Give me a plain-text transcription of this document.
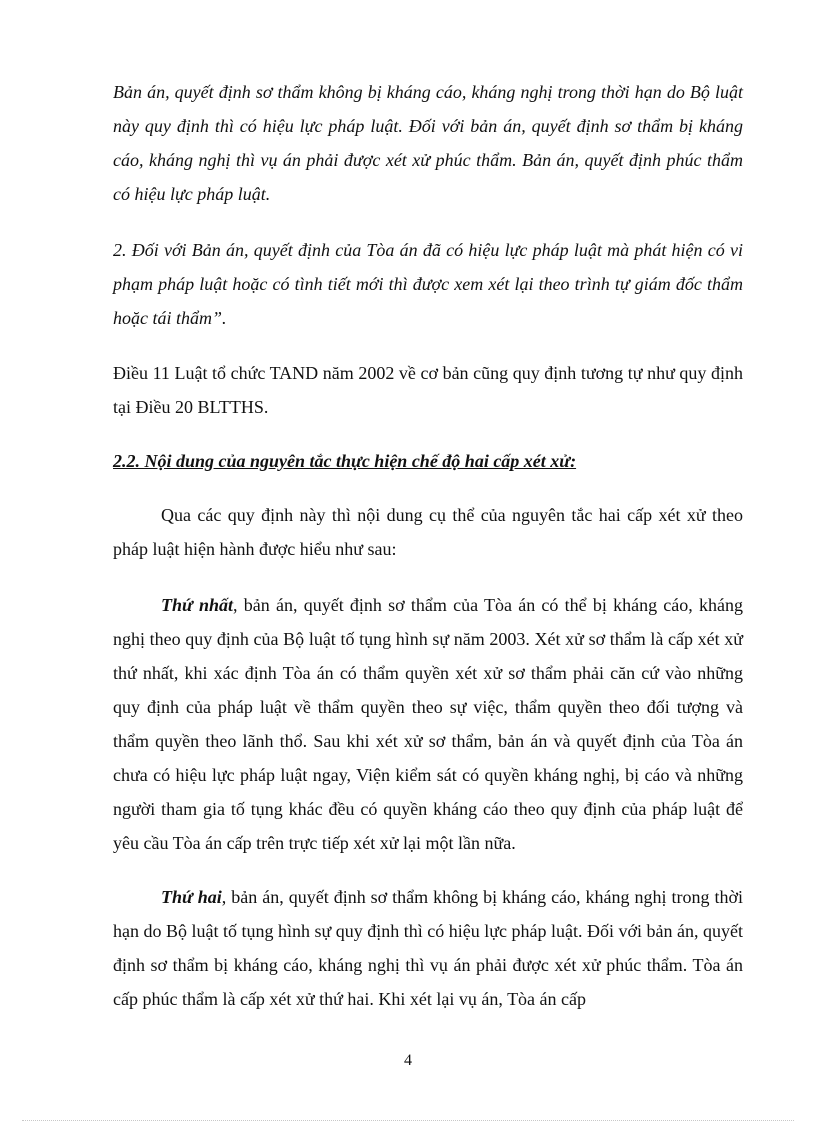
Bản án, quyết định sơ thẩm không bị kháng cáo, kháng nghị trong thời hạn do Bộ luật này quy định thì có hiệu lực pháp luật. Đối với bản án, quyết định sơ thẩm bị kháng cáo, kháng nghị thì vụ án phải được xét xử phúc thẩm. Bản án, quyết định phúc thẩm có hiệu lực pháp luật.

2. Đối với Bản án, quyết định của Tòa án đã có hiệu lực pháp luật mà phát hiện có vi phạm pháp luật hoặc có tình tiết mới thì được xem xét lại theo trình tự giám đốc thẩm hoặc tái thẩm”.

Điều 11 Luật tổ chức TAND năm 2002 về cơ bản cũng quy định tương tự như quy định tại Điều 20 BLTTHS.

2.2. Nội dung của nguyên tắc thực hiện chế độ hai cấp xét xử:

Qua các quy định này thì nội dung cụ thể của nguyên tắc hai cấp xét xử theo pháp luật hiện hành được hiểu như sau:

Thứ nhất, bản án, quyết định sơ thẩm của Tòa án có thể bị kháng cáo, kháng nghị theo quy định của Bộ luật tố tụng hình sự năm 2003. Xét xử sơ thẩm là cấp xét xử thứ nhất, khi xác định Tòa án có thẩm quyền xét xử sơ thẩm phải căn cứ vào những quy định của pháp luật về thẩm quyền theo sự việc, thẩm quyền theo đối tượng và thẩm quyền theo lãnh thổ. Sau khi xét xử sơ thẩm, bản án và quyết định của Tòa án chưa có hiệu lực pháp luật ngay, Viện kiểm sát có quyền kháng nghị, bị cáo và những người tham gia tố tụng khác đều có quyền kháng cáo theo quy định của pháp luật để yêu cầu Tòa án cấp trên trực tiếp xét xử lại một lần nữa.

Thứ hai, bản án, quyết định sơ thẩm không bị kháng cáo, kháng nghị trong thời hạn do Bộ luật tố tụng hình sự quy định thì có hiệu lực pháp luật. Đối với bản án, quyết định sơ thẩm bị kháng cáo, kháng nghị thì vụ án phải được xét xử phúc thẩm. Tòa án cấp phúc thẩm là cấp xét xử thứ hai. Khi xét lại vụ án, Tòa án cấp

4
